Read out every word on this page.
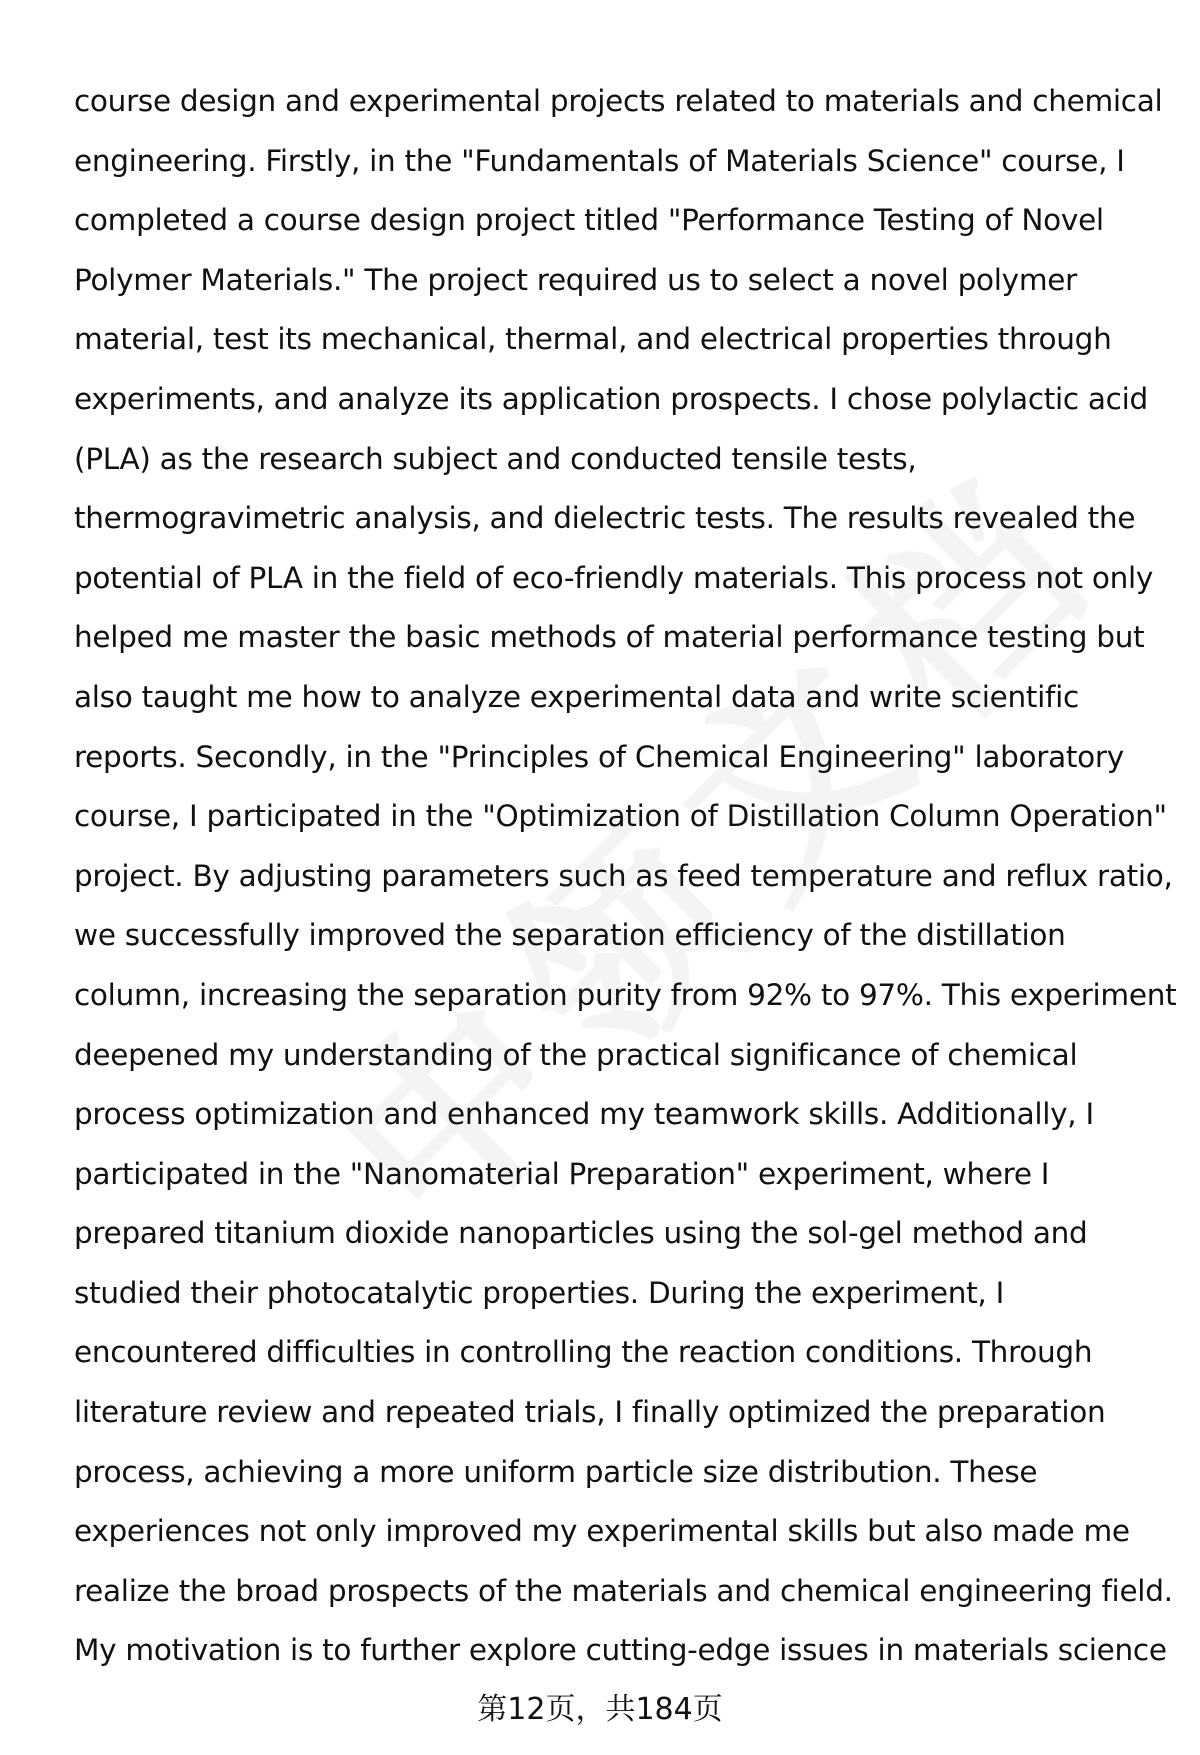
course design and experimental projects related to materials and chemical
engineering. Firstly, in the "Fundamentals of Materials Science" course, I
completed a course design project titled "Performance Testing of Novel
Polymer Materials." The project required us to select a novel polymer
material, test its mechanical, thermal, and electrical properties through
experiments, and analyze its application prospects. I chose polylactic acid
(PLA) as the research subject and conducted tensile tests,
thermogravimetric analysis, and dielectric tests. The results revealed the
potential of PLA in the field of eco-friendly materials. This process not only
helped me master the basic methods of material performance testing but
also taught me how to analyze experimental data and write scientific
reports. Secondly, in the "Principles of Chemical Engineering" laboratory
course, I participated in the "Optimization of Distillation Column Operation"
project. By adjusting parameters such as feed temperature and reflux ratio,
we successfully improved the separation efficiency of the distillation
column, increasing the separation purity from 92% to 97%. This experiment
deepened my understanding of the practical significance of chemical
process optimization and enhanced my teamwork skills. Additionally, I
participated in the "Nanomaterial Preparation" experiment, where I
prepared titanium dioxide nanoparticles using the sol-gel method and
studied their photocatalytic properties. During the experiment, I
encountered difficulties in controlling the reaction conditions. Through
literature review and repeated trials, I finally optimized the preparation
process, achieving a more uniform particle size distribution. These
experiences not only improved my experimental skills but also made me
realize the broad prospects of the materials and chemical engineering field.
My motivation is to further explore cutting-edge issues in materials science
第12页，共184页
